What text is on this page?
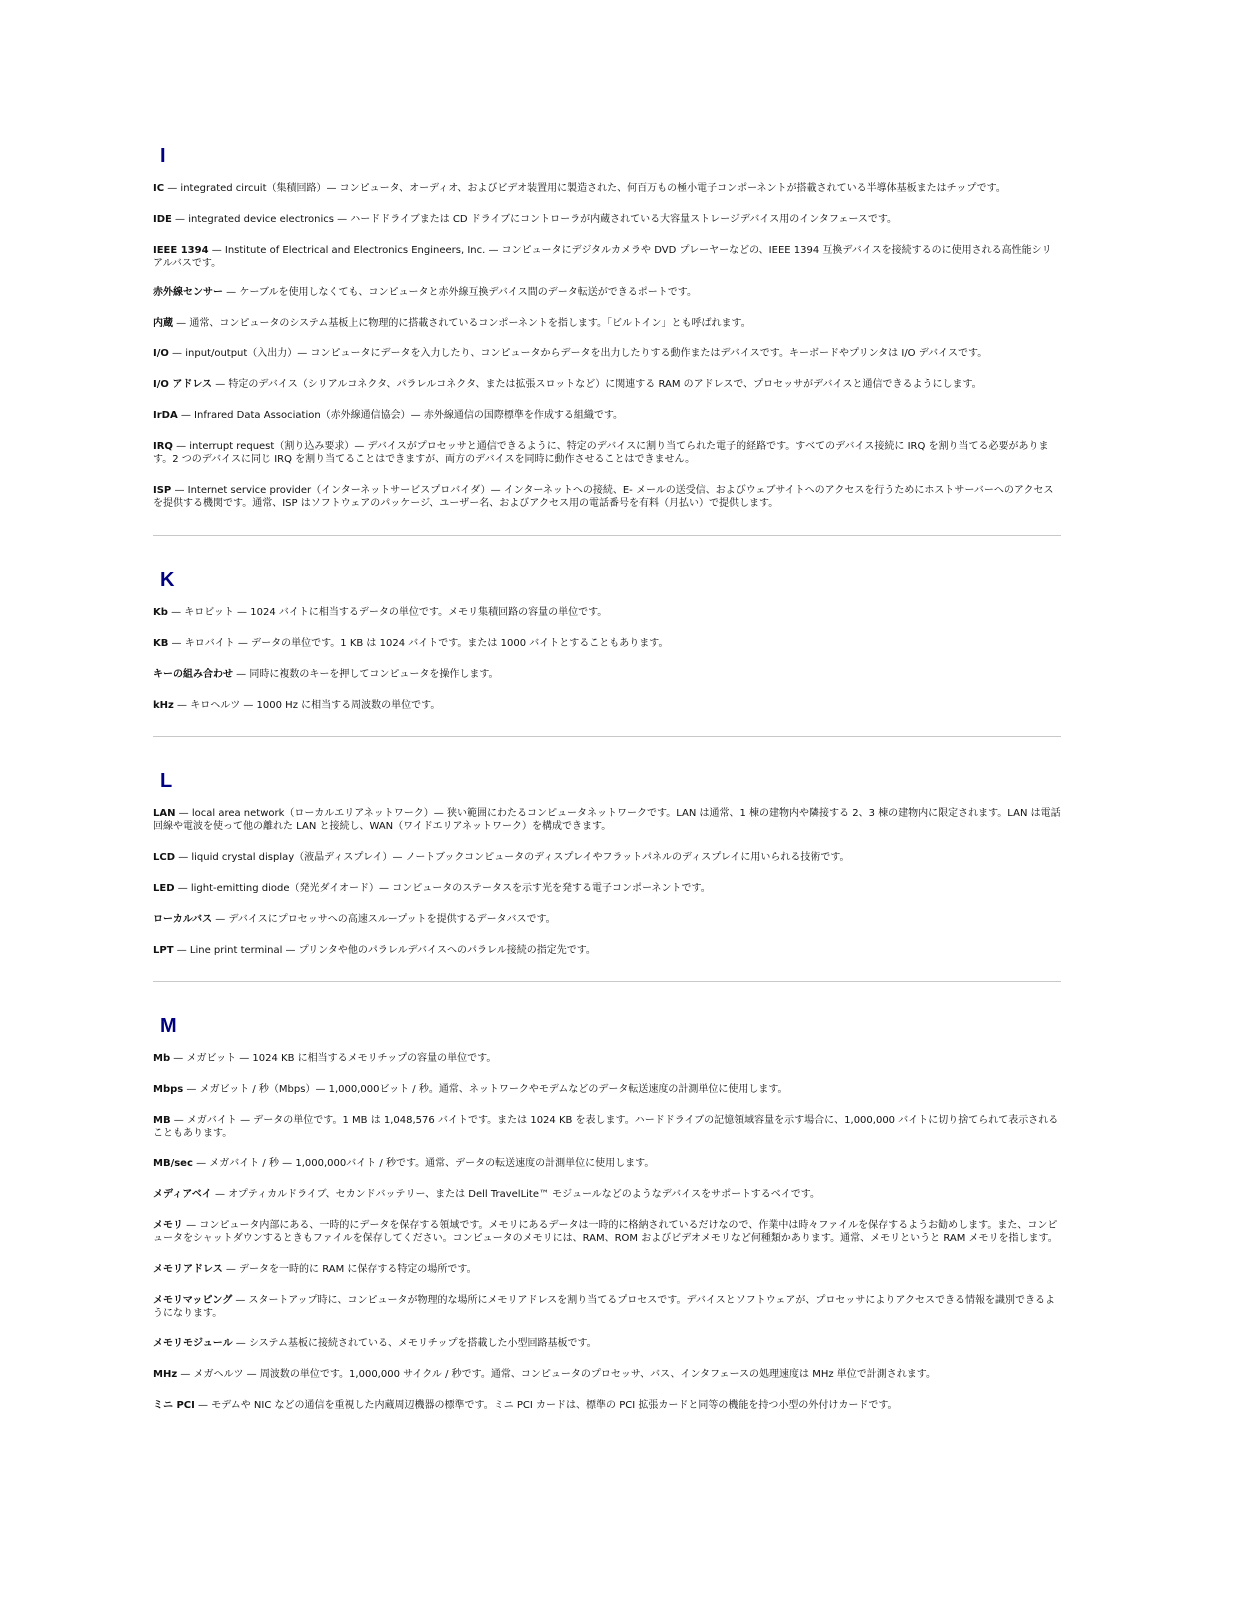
I

IC — integrated circuit（集積回路）— コンピュータ、オーディオ、およびビデオ装置用に製造された、何百万もの極小電子コンポーネントが搭載されている半導体基板またはチップです。

IDE — integrated device electronics — ハードドライブまたは CD ドライブにコントローラが内蔵されている大容量ストレージデバイス用のインタフェースです。

IEEE 1394 — Institute of Electrical and Electronics Engineers, Inc. — コンピュータにデジタルカメラや DVD プレーヤーなどの、IEEE 1394 互換デバイスを接続するのに使用される高性能シリアルバスです。

赤外線センサー — ケーブルを使用しなくても、コンピュータと赤外線互換デバイス間のデータ転送ができるポートです。

内蔵 — 通常、コンピュータのシステム基板上に物理的に搭載されているコンポーネントを指します。「ビルトイン」とも呼ばれます。

I/O — input/output（入出力）— コンピュータにデータを入力したり、コンピュータからデータを出力したりする動作またはデバイスです。キーボードやプリンタは I/O デバイスです。

I/O アドレス — 特定のデバイス（シリアルコネクタ、パラレルコネクタ、または拡張スロットなど）に関連する RAM のアドレスで、プロセッサがデバイスと通信できるようにします。

IrDA — Infrared Data Association（赤外線通信協会）— 赤外線通信の国際標準を作成する組織です。

IRQ — interrupt request（割り込み要求）— デバイスがプロセッサと通信できるように、特定のデバイスに割り当てられた電子的経路です。すべてのデバイス接続に IRQ を割り当てる必要があります。2 つのデバイスに同じ IRQ を割り当てることはできますが、両方のデバイスを同時に動作させることはできません。

ISP — Internet service provider（インターネットサービスプロバイダ）— インターネットへの接続、E- メールの送受信、およびウェブサイトへのアクセスを行うためにホストサーバーへのアクセスを提供する機関です。通常、ISP はソフトウェアのパッケージ、ユーザー名、およびアクセス用の電話番号を有料（月払い）で提供します。

K

Kb — キロビット — 1024 バイトに相当するデータの単位です。メモリ集積回路の容量の単位です。

KB — キロバイト — データの単位です。1 KB は 1024 バイトです。または 1000 バイトとすることもあります。

キーの組み合わせ — 同時に複数のキーを押してコンピュータを操作します。

kHz — キロヘルツ — 1000 Hz に相当する周波数の単位です。

L

LAN — local area network（ローカルエリアネットワーク）— 狭い範囲にわたるコンピュータネットワークです。LAN は通常、1 棟の建物内や隣接する 2、3 棟の建物内に限定されます。LAN は電話回線や電波を使って他の離れた LAN と接続し、WAN（ワイドエリアネットワーク）を構成できます。

LCD — liquid crystal display（液晶ディスプレイ）— ノートブックコンピュータのディスプレイやフラットパネルのディスプレイに用いられる技術です。

LED — light-emitting diode（発光ダイオード）— コンピュータのステータスを示す光を発する電子コンポーネントです。

ローカルバス — デバイスにプロセッサへの高速スループットを提供するデータバスです。

LPT — Line print terminal — プリンタや他のパラレルデバイスへのパラレル接続の指定先です。

M

Mb — メガビット — 1024 KB に相当するメモリチップの容量の単位です。

Mbps — メガビット / 秒（Mbps）— 1,000,000ビット / 秒。通常、ネットワークやモデムなどのデータ転送速度の計測単位に使用します。

MB — メガバイト — データの単位です。1 MB は 1,048,576 バイトです。または 1024 KB を表します。ハードドライブの記憶領域容量を示す場合に、1,000,000 バイトに切り捨てられて表示されることもあります。

MB/sec — メガバイト / 秒 — 1,000,000バイト / 秒です。通常、データの転送速度の計測単位に使用します。

メディアベイ — オプティカルドライブ、セカンドバッテリー、または Dell TravelLite™ モジュールなどのようなデバイスをサポートするベイです。

メモリ — コンピュータ内部にある、一時的にデータを保存する領域です。メモリにあるデータは一時的に格納されているだけなので、作業中は時々ファイルを保存するようお勧めします。また、コンピュータをシャットダウンするときもファイルを保存してください。コンピュータのメモリには、RAM、ROM およびビデオメモリなど何種類かあります。通常、メモリというと RAM メモリを指します。

メモリアドレス — データを一時的に RAM に保存する特定の場所です。

メモリマッピング — スタートアップ時に、コンピュータが物理的な場所にメモリアドレスを割り当てるプロセスです。デバイスとソフトウェアが、プロセッサによりアクセスできる情報を識別できるようになります。

メモリモジュール — システム基板に接続されている、メモリチップを搭載した小型回路基板です。

MHz — メガヘルツ — 周波数の単位です。1,000,000 サイクル / 秒です。通常、コンピュータのプロセッサ、バス、インタフェースの処理速度は MHz 単位で計測されます。

ミニ PCI — モデムや NIC などの通信を重視した内蔵周辺機器の標準です。ミニ PCI カードは、標準の PCI 拡張カードと同等の機能を持つ小型の外付けカードです。
